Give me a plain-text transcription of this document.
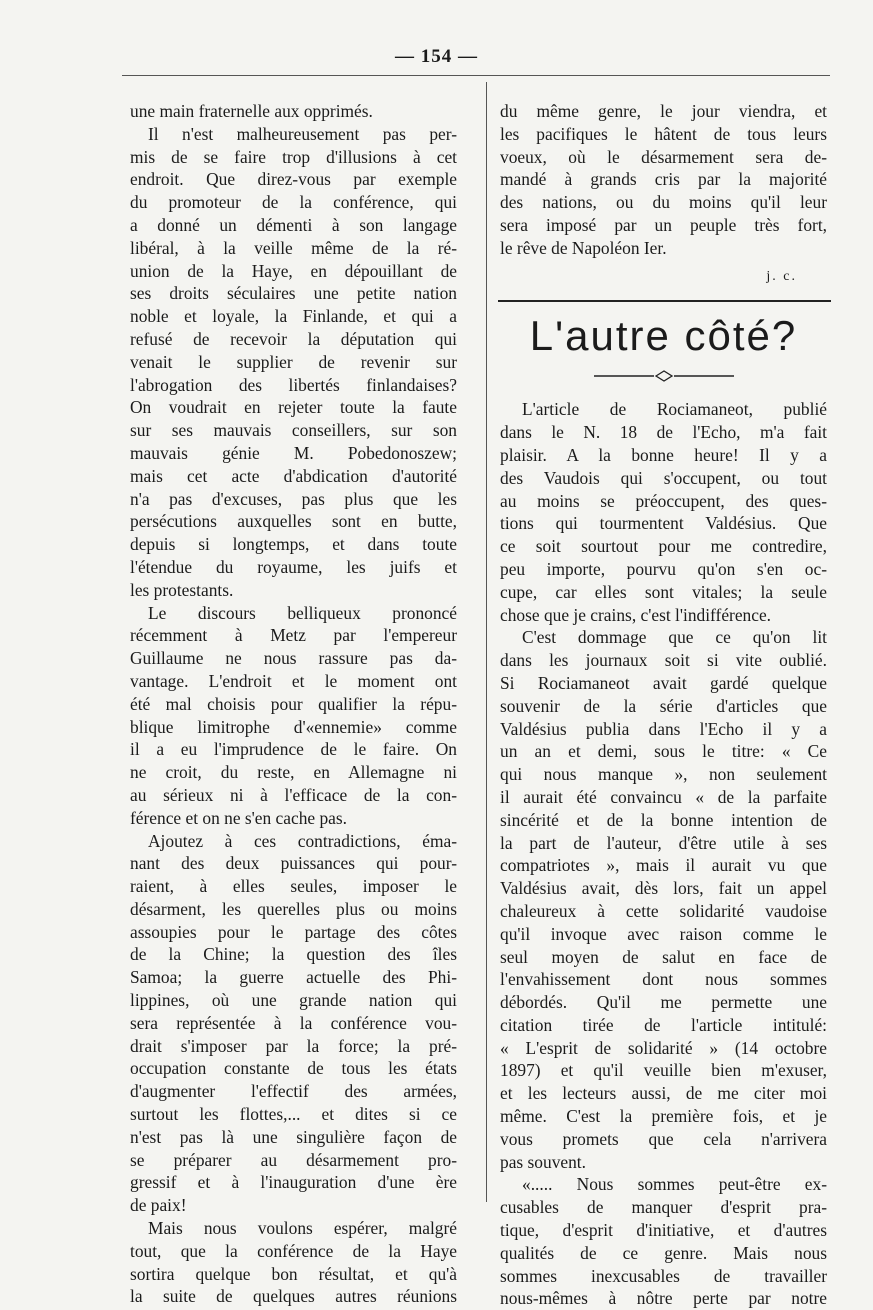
— 154 —
une main fraternelle aux opprimés.
Il n'est malheureusement pas per-
mis de se faire trop d'illusions à cet
endroit. Que direz-vous par exemple
du promoteur de la conférence, qui
a donné un démenti à son langage
libéral, à la veille même de la ré-
union de la Haye, en dépouillant de
ses droits séculaires une petite nation
noble et loyale, la Finlande, et qui a
refusé de recevoir la députation qui
venait le supplier de revenir sur
l'abrogation des libertés finlandaises?
On voudrait en rejeter toute la faute
sur ses mauvais conseillers, sur son
mauvais génie M. Pobedonoszew;
mais cet acte d'abdication d'autorité
n'a pas d'excuses, pas plus que les
persécutions auxquelles sont en butte,
depuis si longtemps, et dans toute
l'étendue du royaume, les juifs et
les protestants.
Le discours belliqueux prononcé
récemment à Metz par l'empereur
Guillaume ne nous rassure pas da-
vantage. L'endroit et le moment ont
été mal choisis pour qualifier la répu-
blique limitrophe d'«ennemie» comme
il a eu l'imprudence de le faire. On
ne croit, du reste, en Allemagne ni
au sérieux ni à l'efficace de la con-
férence et on ne s'en cache pas.
Ajoutez à ces contradictions, éma-
nant des deux puissances qui pour-
raient, à elles seules, imposer le
désarment, les querelles plus ou moins
assoupies pour le partage des côtes
de la Chine; la question des îles
Samoa; la guerre actuelle des Phi-
lippines, où une grande nation qui
sera représentée à la conférence vou-
drait s'imposer par la force; la pré-
occupation constante de tous les états
d'augmenter l'effectif des armées,
surtout les flottes,... et dites si ce
n'est pas là une singulière façon de
se préparer au désarmement pro-
gressif et à l'inauguration d'une ère
de paix!
Mais nous voulons espérer, malgré
tout, que la conférence de la Haye
sortira quelque bon résultat, et qu'à
la suite de quelques autres réunions
du même genre, le jour viendra, et
les pacifiques le hâtent de tous leurs
voeux, où le désarmement sera de-
mandé à grands cris par la majorité
des nations, ou du moins qu'il leur
sera imposé par un peuple très fort,
le rêve de Napoléon Ier.
j. c.
L'autre côté?
L'article de Rociamaneot, publié
dans le N. 18 de l'Echo, m'a fait
plaisir. A la bonne heure! Il y a
des Vaudois qui s'occupent, ou tout
au moins se préoccupent, des ques-
tions qui tourmentent Valdésius. Que
ce soit sourtout pour me contredire,
peu importe, pourvu qu'on s'en oc-
cupe, car elles sont vitales; la seule
chose que je crains, c'est l'indifférence.
C'est dommage que ce qu'on lit
dans les journaux soit si vite oublié.
Si Rociamaneot avait gardé quelque
souvenir de la série d'articles que
Valdésius publia dans l'Echo il y a
un an et demi, sous le titre: « Ce
qui nous manque », non seulement
il aurait été convaincu « de la parfaite
sincérité et de la bonne intention de
la part de l'auteur, d'être utile à ses
compatriotes », mais il aurait vu que
Valdésius avait, dès lors, fait un appel
chaleureux à cette solidarité vaudoise
qu'il invoque avec raison comme le
seul moyen de salut en face de
l'envahissement dont nous sommes
débordés. Qu'il me permette une
citation tirée de l'article intitulé:
« L'esprit de solidarité » (14 octobre
1897) et qu'il veuille bien m'exuser,
et les lecteurs aussi, de me citer moi
même. C'est la première fois, et je
vous promets que cela n'arrivera
pas souvent.
«..... Nous sommes peut-être ex-
cusables de manquer d'esprit pra-
tique, d'esprit d'initiative, et d'autres
qualités de ce genre. Mais nous
sommes inexcusables de travailler
nous-mêmes à nôtre perte par notre
